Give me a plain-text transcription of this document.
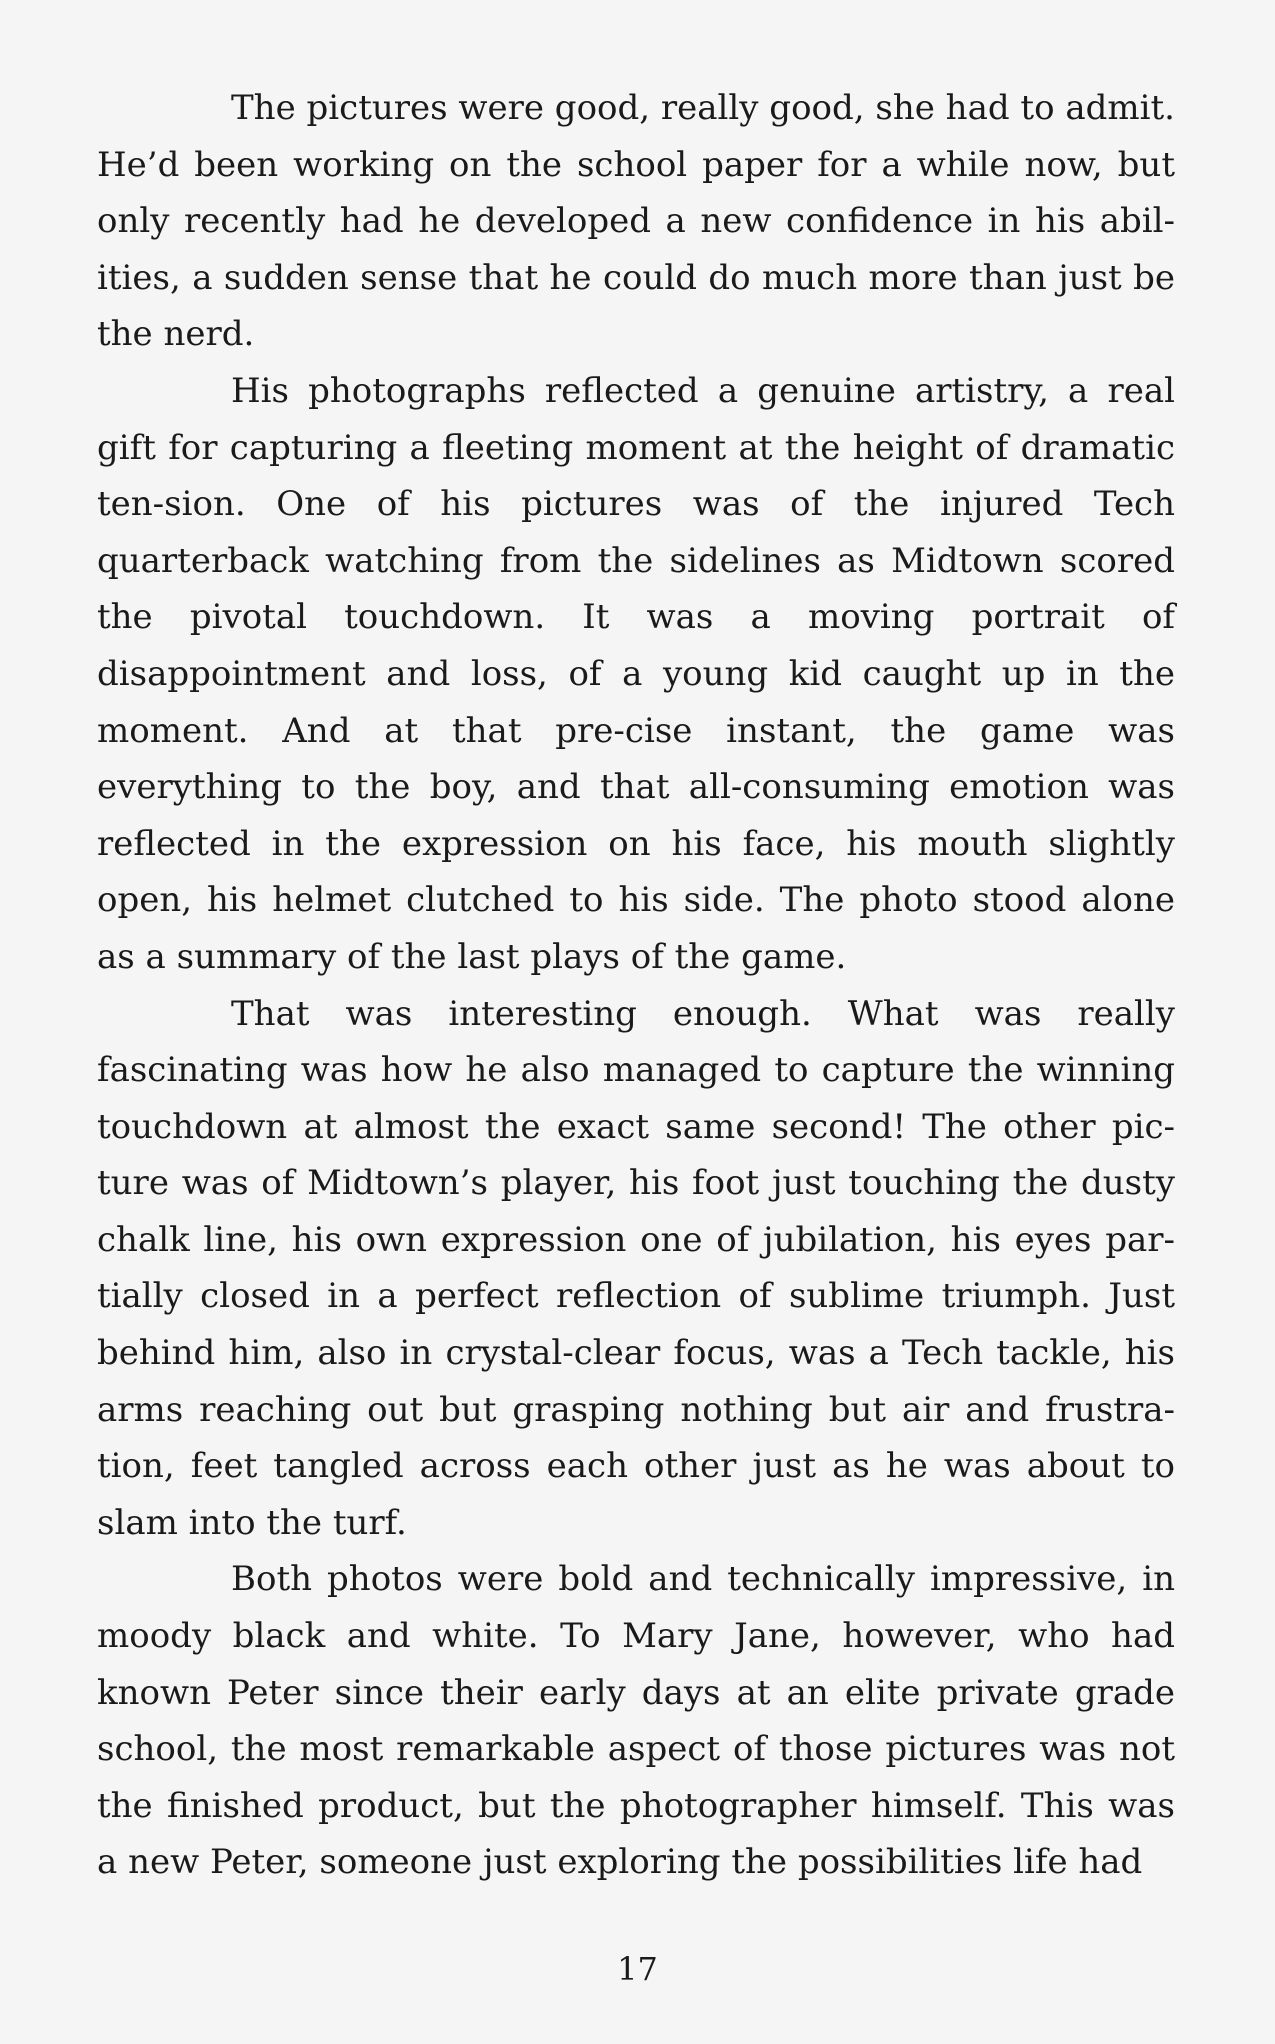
The pictures were good, really good, she had to admit. He’d been working on the school paper for a while now, but only recently had he developed a new confidence in his abil-ities, a sudden sense that he could do much more than just be the nerd.

His photographs reflected a genuine artistry, a real gift for capturing a fleeting moment at the height of dramatic ten-sion. One of his pictures was of the injured Tech quarterback watching from the sidelines as Midtown scored the pivotal touchdown. It was a moving portrait of disappointment and loss, of a young kid caught up in the moment. And at that pre-cise instant, the game was everything to the boy, and that all-consuming emotion was reflected in the expression on his face, his mouth slightly open, his helmet clutched to his side. The photo stood alone as a summary of the last plays of the game.

That was interesting enough. What was really fascinating was how he also managed to capture the winning touchdown at almost the exact same second! The other pic-ture was of Midtown’s player, his foot just touching the dusty chalk line, his own expression one of jubilation, his eyes par-tially closed in a perfect reflection of sublime triumph. Just behind him, also in crystal-clear focus, was a Tech tackle, his arms reaching out but grasping nothing but air and frustra-tion, feet tangled across each other just as he was about to slam into the turf.

Both photos were bold and technically impressive, in moody black and white. To Mary Jane, however, who had known Peter since their early days at an elite private grade school, the most remarkable aspect of those pictures was not the finished product, but the photographer himself. This was a new Peter, someone just exploring the possibilities life had

17
